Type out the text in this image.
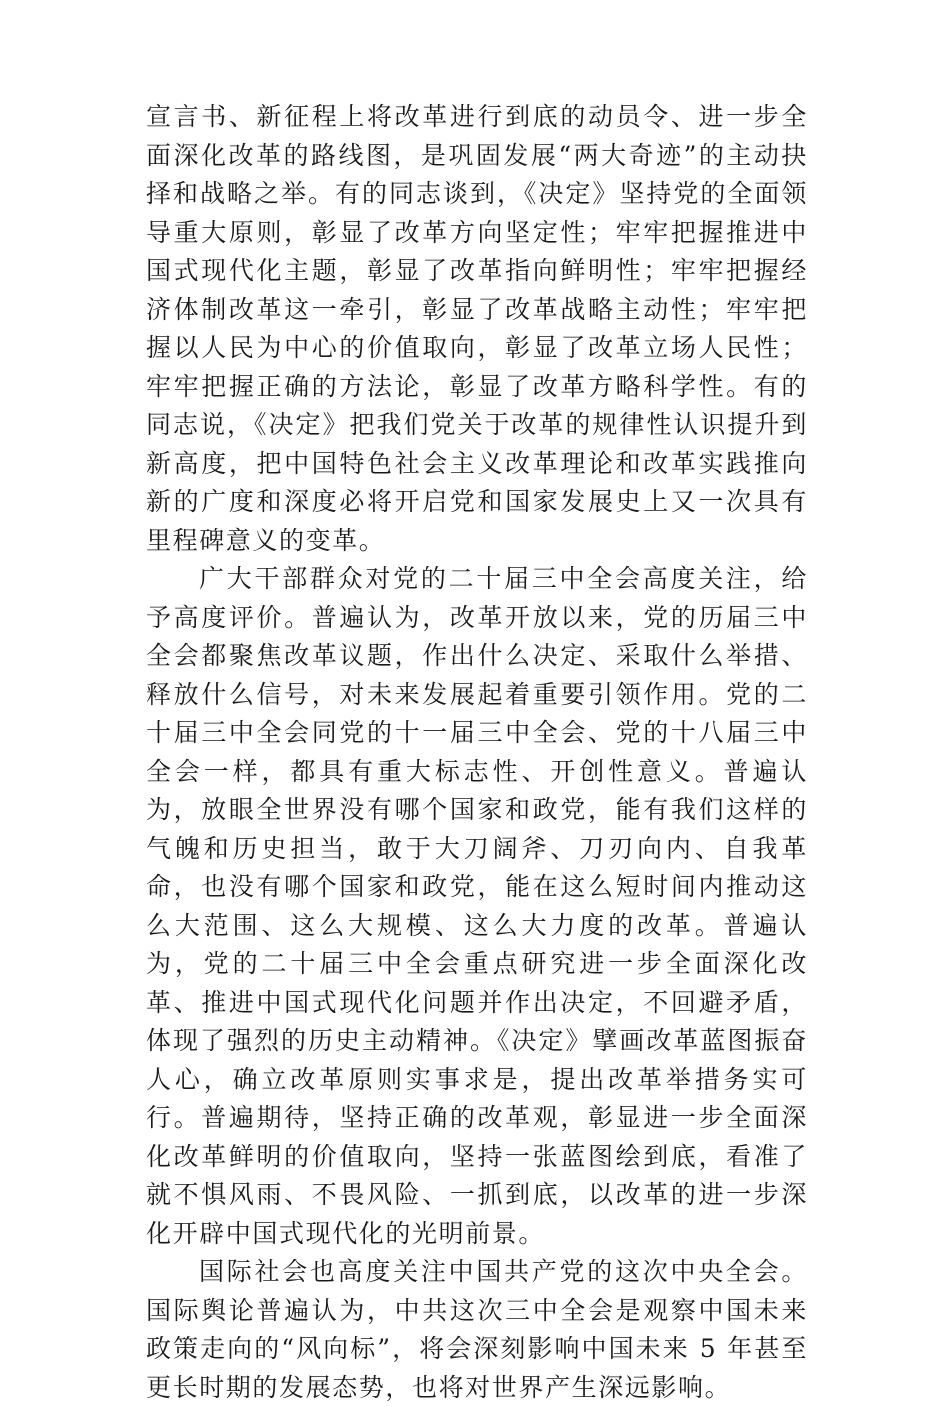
宣言书、新征程上将改革进行到底的动员令、进一步全面深化改革的路线图，是巩固发展“两大奇迹”的主动抉择和战略之举。有的同志谈到，《决定》坚持党的全面领导重大原则，彰显了改革方向坚定性；牢牢把握推进中国式现代化主题，彰显了改革指向鲜明性；牢牢把握经济体制改革这一牵引，彰显了改革战略主动性；牢牢把握以人民为中心的价值取向，彰显了改革立场人民性；牢牢把握正确的方法论，彰显了改革方略科学性。有的同志说，《决定》把我们党关于改革的规律性认识提升到新高度，把中国特色社会主义改革理论和改革实践推向新的广度和深度必将开启党和国家发展史上又一次具有里程碑意义的变革。

广大干部群众对党的二十届三中全会高度关注，给予高度评价。普遍认为，改革开放以来，党的历届三中全会都聚焦改革议题，作出什么决定、采取什么举措、释放什么信号，对未来发展起着重要引领作用。党的二十届三中全会同党的十一届三中全会、党的十八届三中全会一样，都具有重大标志性、开创性意义。普遍认为，放眼全世界没有哪个国家和政党，能有我们这样的气魄和历史担当，敢于大刀阔斧、刀刃向内、自我革命，也没有哪个国家和政党，能在这么短时间内推动这么大范围、这么大规模、这么大力度的改革。普遍认为，党的二十届三中全会重点研究进一步全面深化改革、推进中国式现代化问题并作出决定，不回避矛盾，体现了强烈的历史主动精神。《决定》擘画改革蓝图振奋人心，确立改革原则实事求是，提出改革举措务实可行。普遍期待，坚持正确的改革观，彰显进一步全面深化改革鲜明的价值取向，坚持一张蓝图绘到底，看准了就不惧风雨、不畏风险、一抓到底，以改革的进一步深化开辟中国式现代化的光明前景。

国际社会也高度关注中国共产党的这次中央全会。国际舆论普遍认为，中共这次三中全会是观察中国未来政策走向的“风向标”，将会深刻影响中国未来 5 年甚至更长时期的发展态势，也将对世界产生深远影响。
